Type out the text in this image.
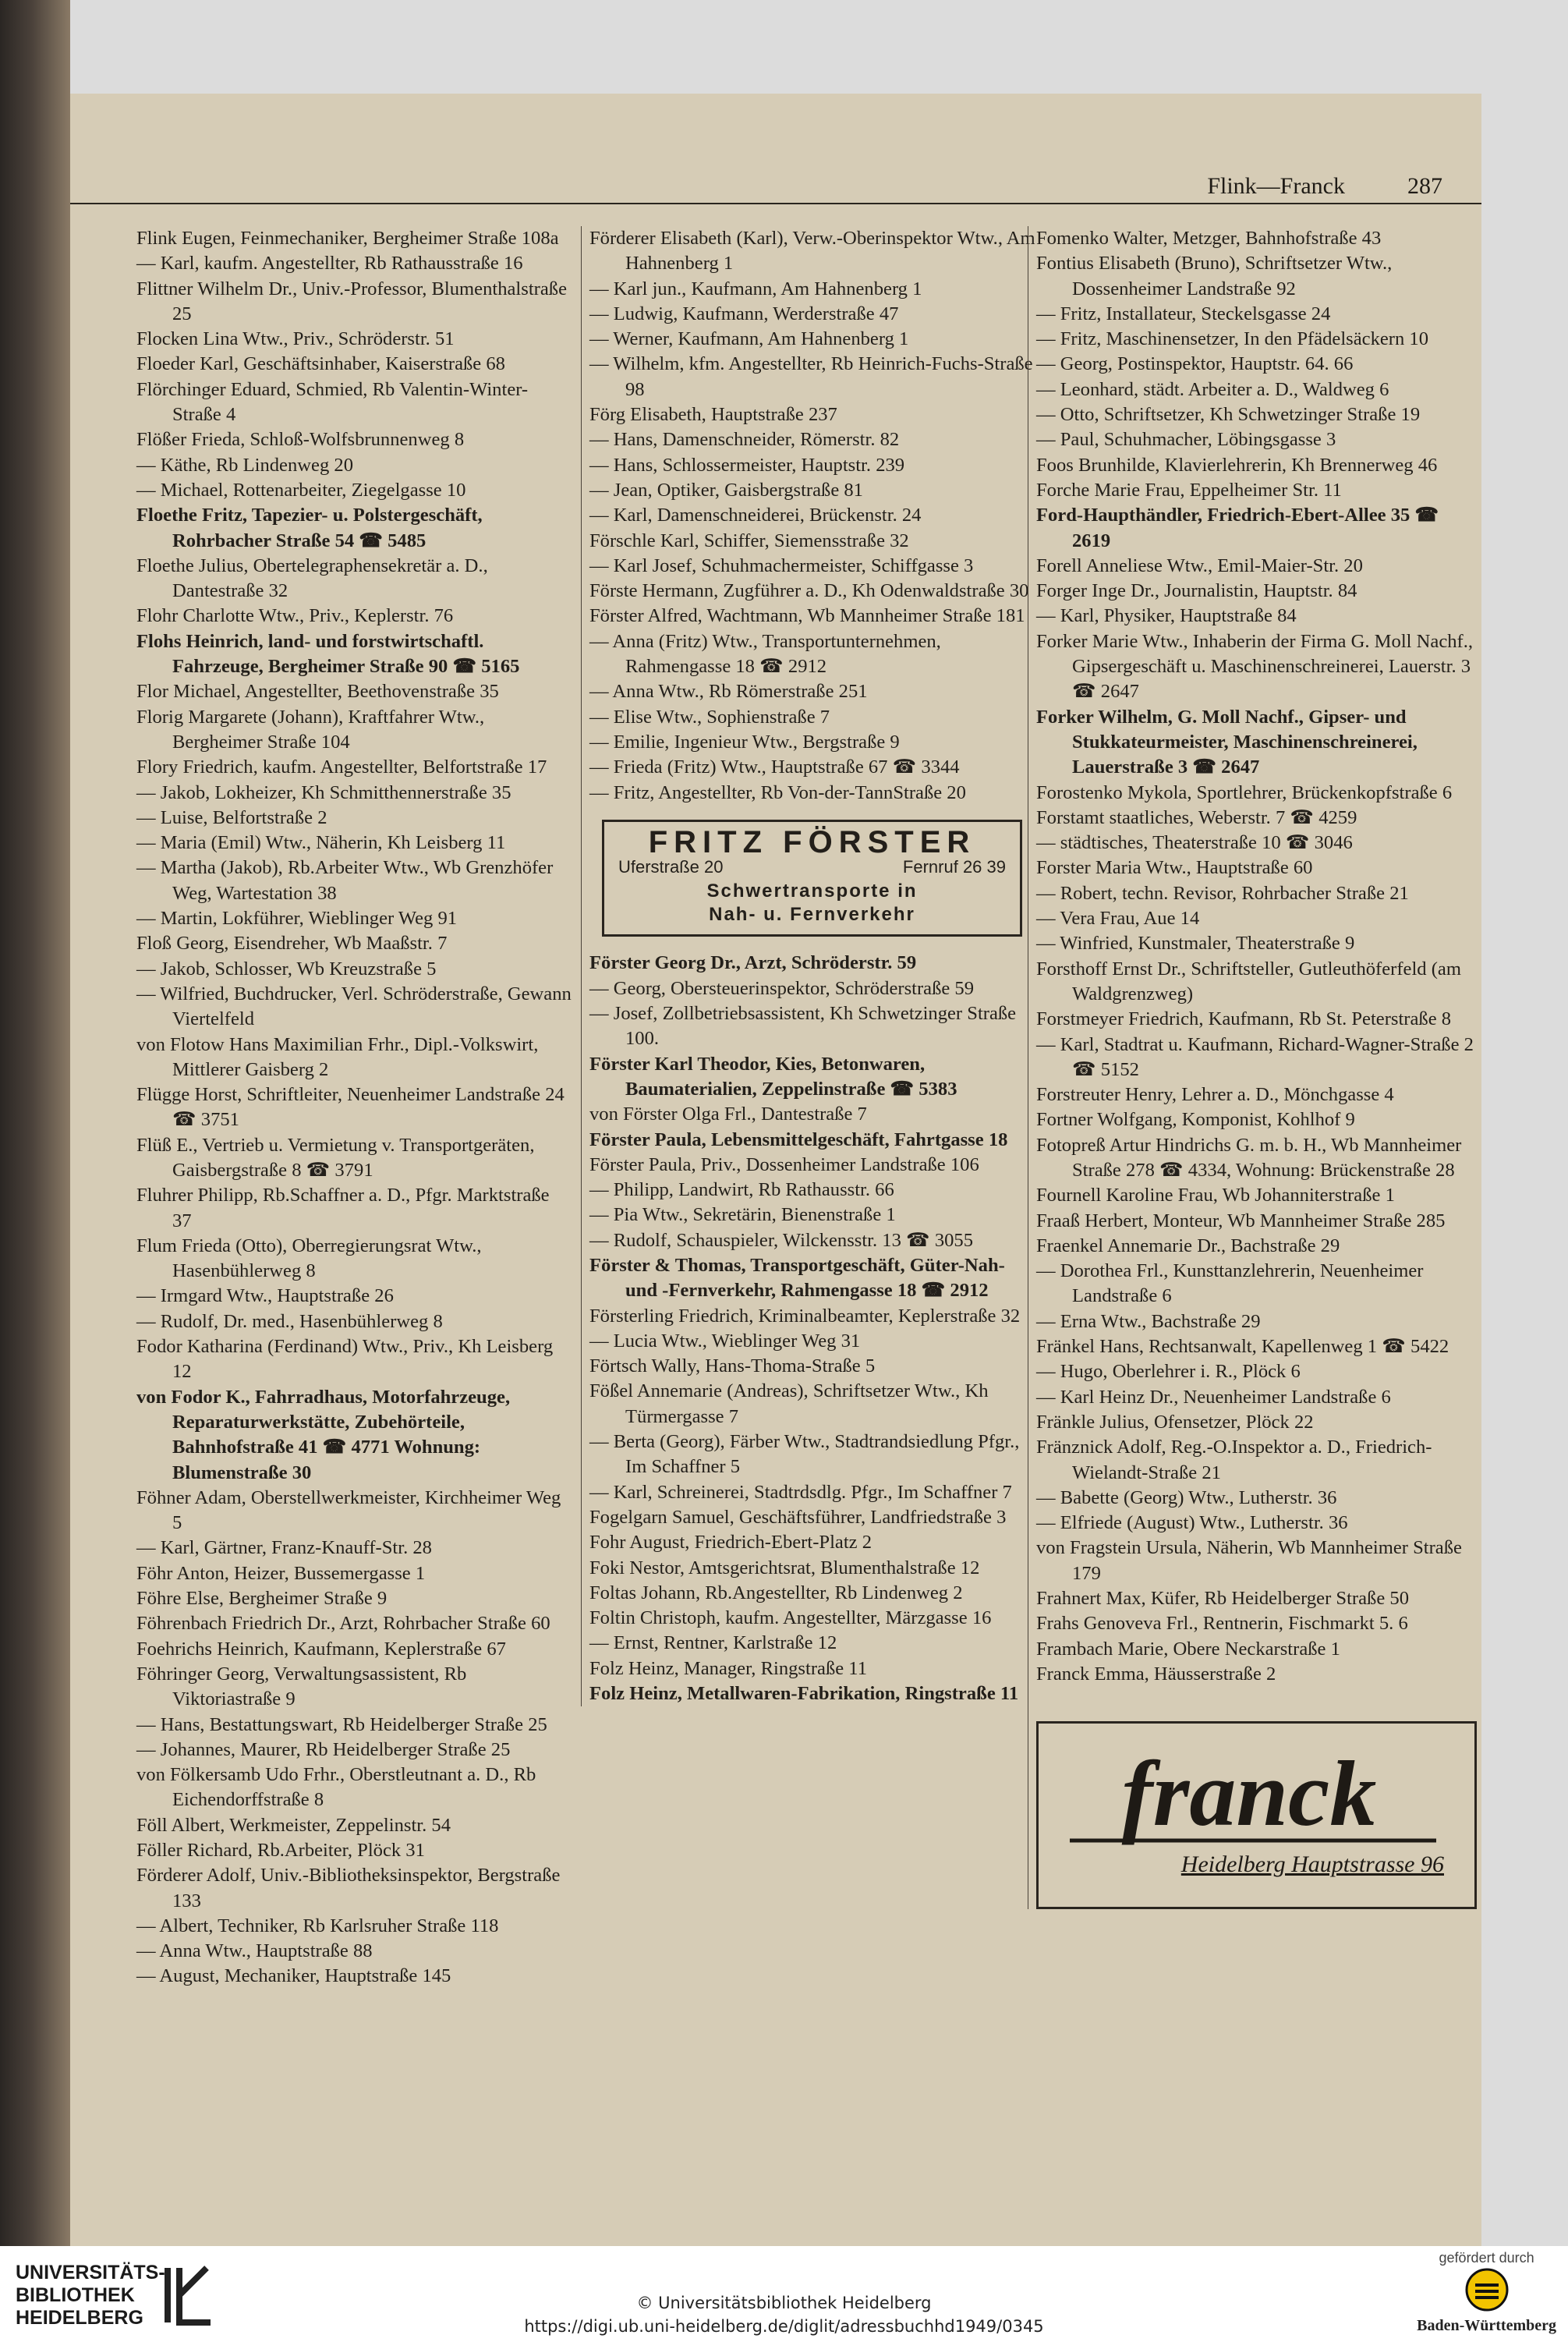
Flink—Franck	287
Flink Eugen, Feinmechaniker, Bergheimer Straße 108a
— Karl, kaufm. Angestellter, Rb Rathausstraße 16
Flittner Wilhelm Dr., Univ.-Professor, Blumenthalstraße 25
Flocken Lina Wtw., Priv., Schröderstr. 51
Floeder Karl, Geschäftsinhaber, Kaiserstraße 68
Flörchinger Eduard, Schmied, Rb Valentin-Winter-Straße 4
Flößer Frieda, Schloß-Wolfsbrunnenweg 8
— Käthe, Rb Lindenweg 20
— Michael, Rottenarbeiter, Ziegelgasse 10
Floethe Fritz, Tapezier- u. Polstergeschäft, Rohrbacher Straße 54 ☎ 5485
Floethe Julius, Obertelegraphensekretär a. D., Dantestraße 32
Flohr Charlotte Wtw., Priv., Keplerstr. 76
Flohs Heinrich, land- und forstwirtschaftl. Fahrzeuge, Bergheimer Straße 90 ☎ 5165
Flor Michael, Angestellter, Beethovenstraße 35
Florig Margarete (Johann), Kraftfahrer Wtw., Bergheimer Straße 104
Flory Friedrich, kaufm. Angestellter, Belfortstraße 17
— Jakob, Lokheizer, Kh Schmitthennerstraße 35
— Luise, Belfortstraße 2
— Maria (Emil) Wtw., Näherin, Kh Leisberg 11
— Martha (Jakob), Rb.Arbeiter Wtw., Wb Grenzhöfer Weg, Wartestation 38
— Martin, Lokführer, Wieblinger Weg 91
Floß Georg, Eisendreher, Wb Maaßstr. 7
— Jakob, Schlosser, Wb Kreuzstraße 5
— Wilfried, Buchdrucker, Verl. Schröderstraße, Gewann Viertelfeld
von Flotow Hans Maximilian Frhr., Dipl.-Volkswirt, Mittlerer Gaisberg 2
Flügge Horst, Schriftleiter, Neuenheimer Landstraße 24 ☎ 3751
Flüß E., Vertrieb u. Vermietung v. Transportgeräten, Gaisbergstraße 8 ☎ 3791
Fluhrer Philipp, Rb.Schaffner a. D., Pfgr. Marktstraße 37
Flum Frieda (Otto), Oberregierungsrat Wtw., Hasenbühlerweg 8
— Irmgard Wtw., Hauptstraße 26
— Rudolf, Dr. med., Hasenbühlerweg 8
Fodor Katharina (Ferdinand) Wtw., Priv., Kh Leisberg 12
von Fodor K., Fahrradhaus, Motorfahrzeuge, Reparaturwerkstätte, Zubehörteile, Bahnhofstraße 41 ☎ 4771 Wohnung: Blumenstraße 30
Föhner Adam, Oberstellwerkmeister, Kirchheimer Weg 5
— Karl, Gärtner, Franz-Knauff-Str. 28
Föhr Anton, Heizer, Bussemergasse 1
Föhre Else, Bergheimer Straße 9
Föhrenbach Friedrich Dr., Arzt, Rohrbacher Straße 60
Foehrichs Heinrich, Kaufmann, Keplerstraße 67
Föhringer Georg, Verwaltungsassistent, Rb Viktoriastraße 9
— Hans, Bestattungswart, Rb Heidelberger Straße 25
— Johannes, Maurer, Rb Heidelberger Straße 25
von Fölkersamb Udo Frhr., Oberstleutnant a. D., Rb Eichendorffstraße 8
Föll Albert, Werkmeister, Zeppelinstr. 54
Föller Richard, Rb.Arbeiter, Plöck 31
Förderer Adolf, Univ.-Bibliotheksinspektor, Bergstraße 133
— Albert, Techniker, Rb Karlsruher Straße 118
— Anna Wtw., Hauptstraße 88
— August, Mechaniker, Hauptstraße 145
Förderer Elisabeth (Karl), Verw.-Oberinspektor Wtw., Am Hahnenberg 1
— Karl jun., Kaufmann, Am Hahnenberg 1
— Ludwig, Kaufmann, Werderstraße 47
— Werner, Kaufmann, Am Hahnenberg 1
— Wilhelm, kfm. Angestellter, Rb Heinrich-Fuchs-Straße 98
Förg Elisabeth, Hauptstraße 237
— Hans, Damenschneider, Römerstr. 82
— Hans, Schlossermeister, Hauptstr. 239
— Jean, Optiker, Gaisbergstraße 81
— Karl, Damenschneiderei, Brückenstr. 24
Förschle Karl, Schiffer, Siemensstraße 32
— Karl Josef, Schuhmachermeister, Schiffgasse 3
Förste Hermann, Zugführer a. D., Kh Odenwaldstraße 30
Förster Alfred, Wachtmann, Wb Mannheimer Straße 181
— Anna (Fritz) Wtw., Transportunternehmen, Rahmengasse 18 ☎ 2912
— Anna Wtw., Rb Römerstraße 251
— Elise Wtw., Sophienstraße 7
— Emilie, Ingenieur Wtw., Bergstraße 9
— Frieda (Fritz) Wtw., Hauptstraße 67 ☎ 3344
— Fritz, Angestellter, Rb Von-der-TannStraße 20
FRITZ FÖRSTER
Uferstraße 20	Fernruf 26 39
Schwertransporte in
Nah- u. Fernverkehr
Förster Georg Dr., Arzt, Schröderstr. 59
— Georg, Obersteuerinspektor, Schröderstraße 59
— Josef, Zollbetriebsassistent, Kh Schwetzinger Straße 100.
Förster Karl Theodor, Kies, Betonwaren, Baumaterialien, Zeppelinstraße ☎ 5383
von Förster Olga Frl., Dantestraße 7
Förster Paula, Lebensmittelgeschäft, Fahrtgasse 18
Förster Paula, Priv., Dossenheimer Landstraße 106
— Philipp, Landwirt, Rb Rathausstr. 66
— Pia Wtw., Sekretärin, Bienenstraße 1
— Rudolf, Schauspieler, Wilckensstr. 13 ☎ 3055
Förster & Thomas, Transportgeschäft, Güter-Nah- und -Fernverkehr, Rahmengasse 18 ☎ 2912
Försterling Friedrich, Kriminalbeamter, Keplerstraße 32
— Lucia Wtw., Wieblinger Weg 31
Förtsch Wally, Hans-Thoma-Straße 5
Fößel Annemarie (Andreas), Schriftsetzer Wtw., Kh Türmergasse 7
— Berta (Georg), Färber Wtw., Stadtrandsiedlung Pfgr., Im Schaffner 5
— Karl, Schreinerei, Stadtrdsdlg. Pfgr., Im Schaffner 7
Fogelgarn Samuel, Geschäftsführer, Landfriedstraße 3
Fohr August, Friedrich-Ebert-Platz 2
Foki Nestor, Amtsgerichtsrat, Blumenthalstraße 12
Foltas Johann, Rb.Angestellter, Rb Lindenweg 2
Foltin Christoph, kaufm. Angestellter, Märzgasse 16
— Ernst, Rentner, Karlstraße 12
Folz Heinz, Manager, Ringstraße 11
Folz Heinz, Metallwaren-Fabrikation, Ringstraße 11
Fomenko Walter, Metzger, Bahnhofstraße 43
Fontius Elisabeth (Bruno), Schriftsetzer Wtw., Dossenheimer Landstraße 92
— Fritz, Installateur, Steckelsgasse 24
— Fritz, Maschinensetzer, In den Pfädelsäckern 10
— Georg, Postinspektor, Hauptstr. 64. 66
— Leonhard, städt. Arbeiter a. D., Waldweg 6
— Otto, Schriftsetzer, Kh Schwetzinger Straße 19
— Paul, Schuhmacher, Löbingsgasse 3
Foos Brunhilde, Klavierlehrerin, Kh Brennerweg 46
Forche Marie Frau, Eppelheimer Str. 11
Ford-Haupthändler, Friedrich-Ebert-Allee 35 ☎ 2619
Forell Anneliese Wtw., Emil-Maier-Str. 20
Forger Inge Dr., Journalistin, Hauptstr. 84
— Karl, Physiker, Hauptstraße 84
Forker Marie Wtw., Inhaberin der Firma G. Moll Nachf., Gipsergeschäft u. Maschinenschreinerei, Lauerstr. 3 ☎ 2647
Forker Wilhelm, G. Moll Nachf., Gipser- und Stukkateurmeister, Maschinenschreinerei, Lauerstraße 3 ☎ 2647
Forostenko Mykola, Sportlehrer, Brückenkopfstraße 6
Forstamt staatliches, Weberstr. 7 ☎ 4259
— städtisches, Theaterstraße 10 ☎ 3046
Forster Maria Wtw., Hauptstraße 60
— Robert, techn. Revisor, Rohrbacher Straße 21
— Vera Frau, Aue 14
— Winfried, Kunstmaler, Theaterstraße 9
Forsthoff Ernst Dr., Schriftsteller, Gutleuthöferfeld (am Waldgrenzweg)
Forstmeyer Friedrich, Kaufmann, Rb St. Peterstraße 8
— Karl, Stadtrat u. Kaufmann, Richard-Wagner-Straße 2 ☎ 5152
Forstreuter Henry, Lehrer a. D., Mönchgasse 4
Fortner Wolfgang, Komponist, Kohlhof 9
Fotopreß Artur Hindrichs G. m. b. H., Wb Mannheimer Straße 278 ☎ 4334, Wohnung: Brückenstraße 28
Fournell Karoline Frau, Wb Johanniterstraße 1
Fraaß Herbert, Monteur, Wb Mannheimer Straße 285
Fraenkel Annemarie Dr., Bachstraße 29
— Dorothea Frl., Kunsttanzlehrerin, Neuenheimer Landstraße 6
— Erna Wtw., Bachstraße 29
Fränkel Hans, Rechtsanwalt, Kapellenweg 1 ☎ 5422
— Hugo, Oberlehrer i. R., Plöck 6
— Karl Heinz Dr., Neuenheimer Landstraße 6
Fränkle Julius, Ofensetzer, Plöck 22
Fränznick Adolf, Reg.-O.Inspektor a. D., Friedrich-Wielandt-Straße 21
— Babette (Georg) Wtw., Lutherstr. 36
— Elfriede (August) Wtw., Lutherstr. 36
von Fragstein Ursula, Näherin, Wb Mannheimer Straße 179
Frahnert Max, Küfer, Rb Heidelberger Straße 50
Frahs Genoveva Frl., Rentnerin, Fischmarkt 5. 6
Frambach Marie, Obere Neckarstraße 1
Franck Emma, Häusserstraße 2
franck
Heidelberg Hauptstrasse 96
UNIVERSITÄTS-
BIBLIOTHEK
HEIDELBERG
© Universitätsbibliothek Heidelberg
https://digi.ub.uni-heidelberg.de/diglit/adressbuchhd1949/0345
gefördert durch
Baden-Württemberg
